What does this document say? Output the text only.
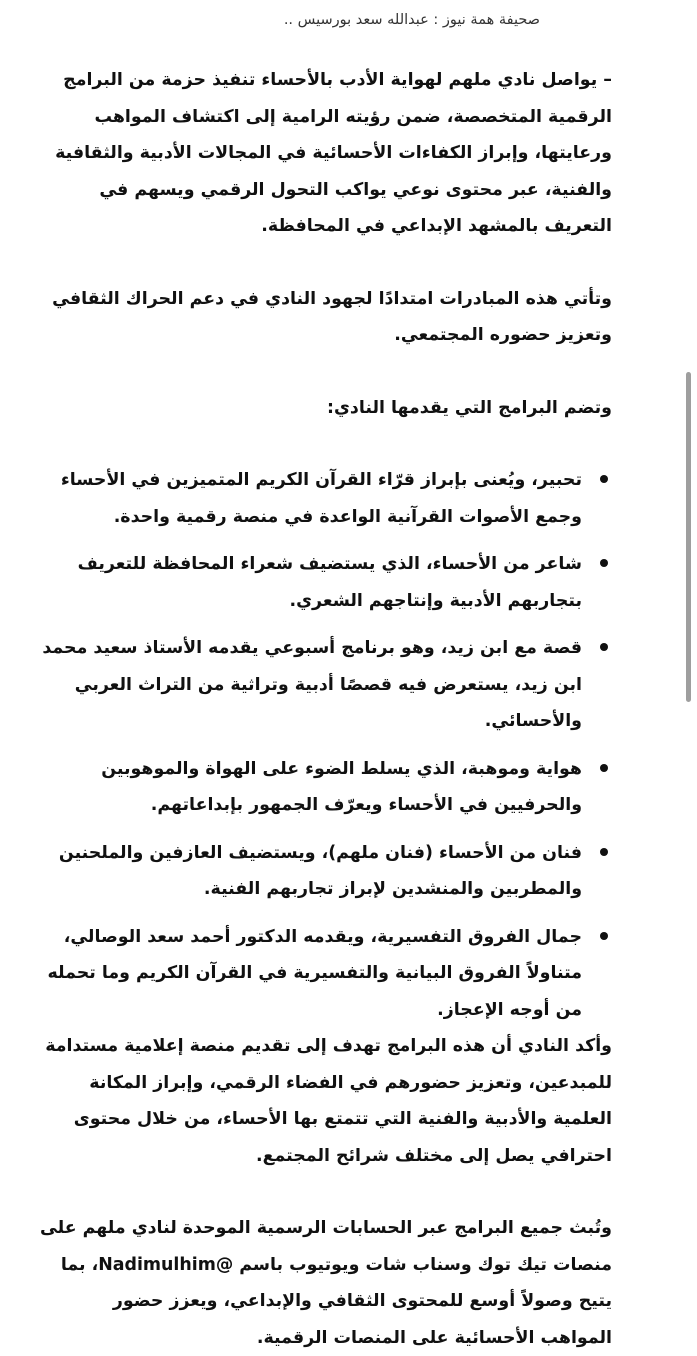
صحيفة همة نيوز : عبدالله سعد بورسيس ..

– يواصل نادي ملهم لهواية الأدب بالأحساء تنفيذ حزمة من البرامج الرقمية المتخصصة، ضمن رؤيته الرامية إلى اكتشاف المواهب ورعايتها، وإبراز الكفاءات الأحسائية في المجالات الأدبية والثقافية والفنية، عبر محتوى نوعي يواكب التحول الرقمي ويسهم في التعريف بالمشهد الإبداعي في المحافظة.

وتأتي هذه المبادرات امتدادًا لجهود النادي في دعم الحراك الثقافي وتعزيز حضوره المجتمعي.

وتضم البرامج التي يقدمها النادي:

تحبير، ويُعنى بإبراز قرّاء القرآن الكريم المتميزين في الأحساء وجمع الأصوات القرآنية الواعدة في منصة رقمية واحدة.
شاعر من الأحساء، الذي يستضيف شعراء المحافظة للتعريف بتجاربهم الأدبية وإنتاجهم الشعري.
قصة مع ابن زيد، وهو برنامج أسبوعي يقدمه الأستاذ سعيد محمد ابن زيد، يستعرض فيه قصصًا أدبية وتراثية من التراث العربي والأحسائي.
هواية وموهبة، الذي يسلط الضوء على الهواة والموهوبين والحرفيين في الأحساء ويعرّف الجمهور بإبداعاتهم.
فنان من الأحساء (فنان ملهم)، ويستضيف العازفين والملحنين والمطربين والمنشدين لإبراز تجاربهم الفنية.
جمال الفروق التفسيرية، ويقدمه الدكتور أحمد سعد الوصالي، متناولاً الفروق البيانية والتفسيرية في القرآن الكريم وما تحمله من أوجه الإعجاز.

وأكد النادي أن هذه البرامج تهدف إلى تقديم منصة إعلامية مستدامة للمبدعين، وتعزيز حضورهم في الفضاء الرقمي، وإبراز المكانة العلمية والأدبية والفنية التي تتمتع بها الأحساء، من خلال محتوى احترافي يصل إلى مختلف شرائح المجتمع.

وتُبث جميع البرامج عبر الحسابات الرسمية الموحدة لنادي ملهم على منصات تيك توك وسناب شات ويوتيوب باسم @Nadimulhim، بما يتيح وصولاً أوسع للمحتوى الثقافي والإبداعي، ويعزز حضور المواهب الأحسائية على المنصات الرقمية.
